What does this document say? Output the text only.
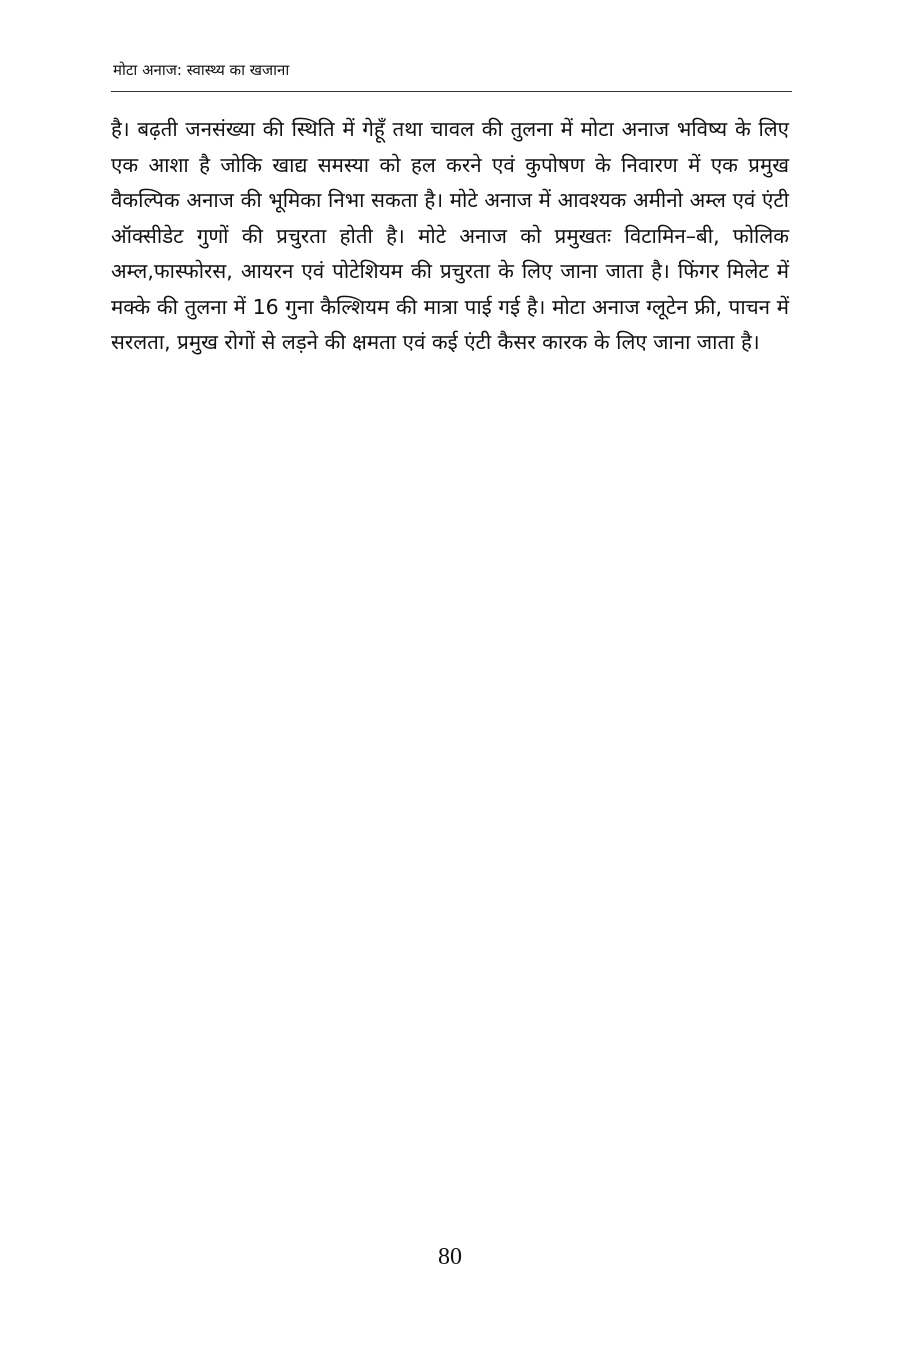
मोटा अनाज: स्वास्थ्य का खजाना

है। बढ़ती जनसंख्या की स्थिति में गेहूँ तथा चावल की तुलना में मोटा अनाज भविष्य के लिए एक आशा है जोकि खाद्य समस्या को हल करने एवं कुपोषण के निवारण में एक प्रमुख वैकल्पिक अनाज की भूमिका निभा सकता है। मोटे अनाज में आवश्यक अमीनो अम्ल एवं एंटी ऑक्सीडेट गुणों की प्रचुरता होती है। मोटे अनाज को प्रमुखतः विटामिन–बी, फोलिक अम्ल,फास्फोरस, आयरन एवं पोटेशियम की प्रचुरता के लिए जाना जाता है। फिंगर मिलेट में मक्के की तुलना में 16 गुना कैल्शियम की मात्रा पाई गई है। मोटा अनाज ग्लूटेन फ्री, पाचन में सरलता, प्रमुख रोगों से लड़ने की क्षमता एवं कई एंटी कैसर कारक के लिए जाना जाता है।

80
